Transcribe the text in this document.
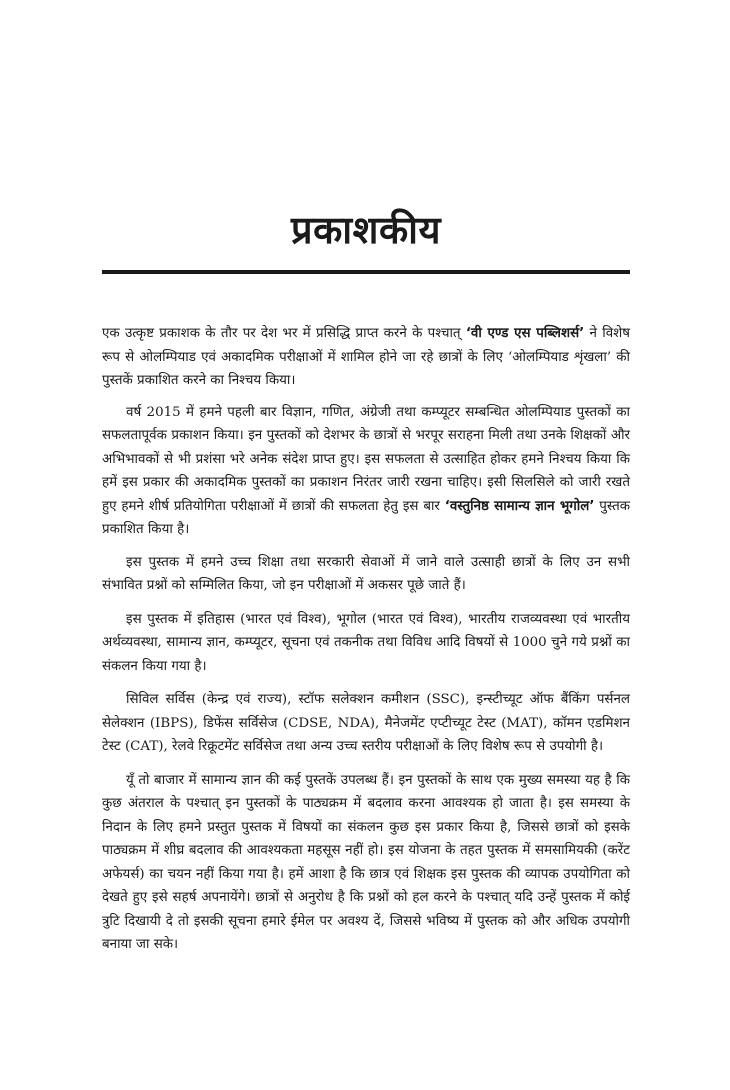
प्रकाशकीय

एक उत्कृष्ट प्रकाशक के तौर पर देश भर में प्रसिद्धि प्राप्त करने के पश्चात् ‘वी एण्ड एस पब्लिशर्स’ ने विशेष रूप से ओलम्पियाड एवं अकादमिक परीक्षाओं में शामिल होने जा रहे छात्रों के लिए ‘ओलम्पियाड शृंखला’ की पुस्तकें प्रकाशित करने का निश्चय किया।

वर्ष 2015 में हमने पहली बार विज्ञान, गणित, अंग्रेजी तथा कम्प्यूटर सम्बन्धित ओलम्पियाड पुस्तकों का सफलतापूर्वक प्रकाशन किया। इन पुस्तकों को देशभर के छात्रों से भरपूर सराहना मिली तथा उनके शिक्षकों और अभिभावकों से भी प्रशंसा भरे अनेक संदेश प्राप्त हुए। इस सफलता से उत्साहित होकर हमने निश्चय किया कि हमें इस प्रकार की अकादमिक पुस्तकों का प्रकाशन निरंतर जारी रखना चाहिए। इसी सिलसिले को जारी रखते हुए हमने शीर्ष प्रतियोगिता परीक्षाओं में छात्रों की सफलता हेतु इस बार ‘वस्तुनिष्ठ सामान्य ज्ञान भूगोल’ पुस्तक प्रकाशित किया है।

इस पुस्तक में हमने उच्च शिक्षा तथा सरकारी सेवाओं में जाने वाले उत्साही छात्रों के लिए उन सभी संभावित प्रश्नों को सम्मिलित किया, जो इन परीक्षाओं में अकसर पूछे जाते हैं।

इस पुस्तक में इतिहास (भारत एवं विश्व), भूगोल (भारत एवं विश्व), भारतीय राजव्यवस्था एवं भारतीय अर्थव्यवस्था, सामान्य ज्ञान, कम्प्यूटर, सूचना एवं तकनीक तथा विविध आदि विषयों से 1000 चुने गये प्रश्नों का संकलन किया गया है।

सिविल सर्विस (केन्द्र एवं राज्य), स्टॉफ सलेक्शन कमीशन (SSC), इन्स्टीच्यूट ऑफ बैंकिंग पर्सनल सेलेक्शन (IBPS), डिफेंस सर्विसेज (CDSE, NDA), मैनेजमेंट एप्टीच्यूट टेस्ट (MAT), कॉमन एडमिशन टेस्ट (CAT), रेलवे रिक्रूटमेंट सर्विसेज तथा अन्य उच्च स्तरीय परीक्षाओं के लिए विशेष रूप से उपयोगी है।

यूँ तो बाजार में सामान्य ज्ञान की कई पुस्तकें उपलब्ध हैं। इन पुस्तकों के साथ एक मुख्य समस्या यह है कि कुछ अंतराल के पश्चात् इन पुस्तकों के पाठ्यक्रम में बदलाव करना आवश्यक हो जाता है। इस समस्या के निदान के लिए हमने प्रस्तुत पुस्तक में विषयों का संकलन कुछ इस प्रकार किया है, जिससे छात्रों को इसके पाठ्यक्रम में शीघ्र बदलाव की आवश्यकता महसूस नहीं हो। इस योजना के तहत पुस्तक में समसामियकी (करेंट अफेयर्स) का चयन नहीं किया गया है। हमें आशा है कि छात्र एवं शिक्षक इस पुस्तक की व्यापक उपयोगिता को देखते हुए इसे सहर्ष अपनायेंगे। छात्रों से अनुरोध है कि प्रश्नों को हल करने के पश्चात् यदि उन्हें पुस्तक में कोई त्रुटि दिखायी दे तो इसकी सूचना हमारे ईमेल पर अवश्य दें, जिससे भविष्य में पुस्तक को और अधिक उपयोगी बनाया जा सके।
